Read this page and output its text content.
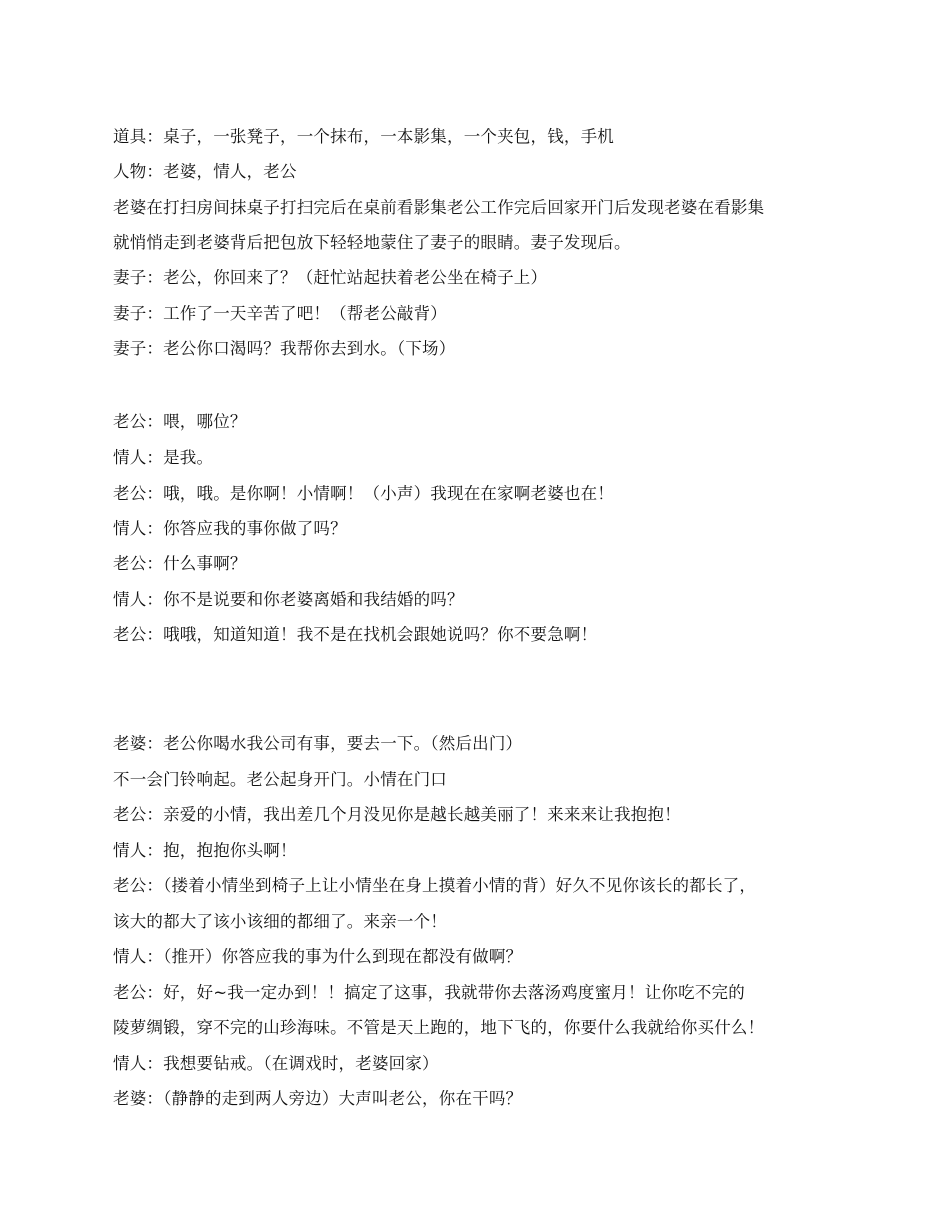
道具：桌子，一张凳子，一个抹布，一本影集，一个夹包，钱，手机
人物：老婆，情人，老公
老婆在打扫房间抹桌子打扫完后在桌前看影集老公工作完后回家开门后发现老婆在看影集
就悄悄走到老婆背后把包放下轻轻地蒙住了妻子的眼睛。妻子发现后。
妻子：老公，你回来了？（赶忙站起扶着老公坐在椅子上）
妻子：工作了一天辛苦了吧！（帮老公敲背）
妻子：老公你口渴吗？我帮你去到水。（下场）
老公：喂，哪位？
情人：是我。
老公：哦，哦。是你啊！小情啊！（小声）我现在在家啊老婆也在！
情人：你答应我的事你做了吗？
老公：什么事啊？
情人：你不是说要和你老婆离婚和我结婚的吗？
老公：哦哦，知道知道！我不是在找机会跟她说吗？你不要急啊！
老婆：老公你喝水我公司有事，要去一下。（然后出门）
不一会门铃响起。老公起身开门。小情在门口
老公：亲爱的小情，我出差几个月没见你是越长越美丽了！来来来让我抱抱！
情人：抱，抱抱你头啊！
老公：（搂着小情坐到椅子上让小情坐在身上摸着小情的背）好久不见你该长的都长了，
该大的都大了该小该细的都细了。来亲一个！
情人：（推开）你答应我的事为什么到现在都没有做啊？
老公：好，好~我一定办到！！搞定了这事，我就带你去落汤鸡度蜜月！让你吃不完的
陵萝绸锻，穿不完的山珍海味。不管是天上跑的，地下飞的，你要什么我就给你买什么！
情人：我想要钻戒。（在调戏时，老婆回家）
老婆：（静静的走到两人旁边）大声叫老公，你在干吗？
